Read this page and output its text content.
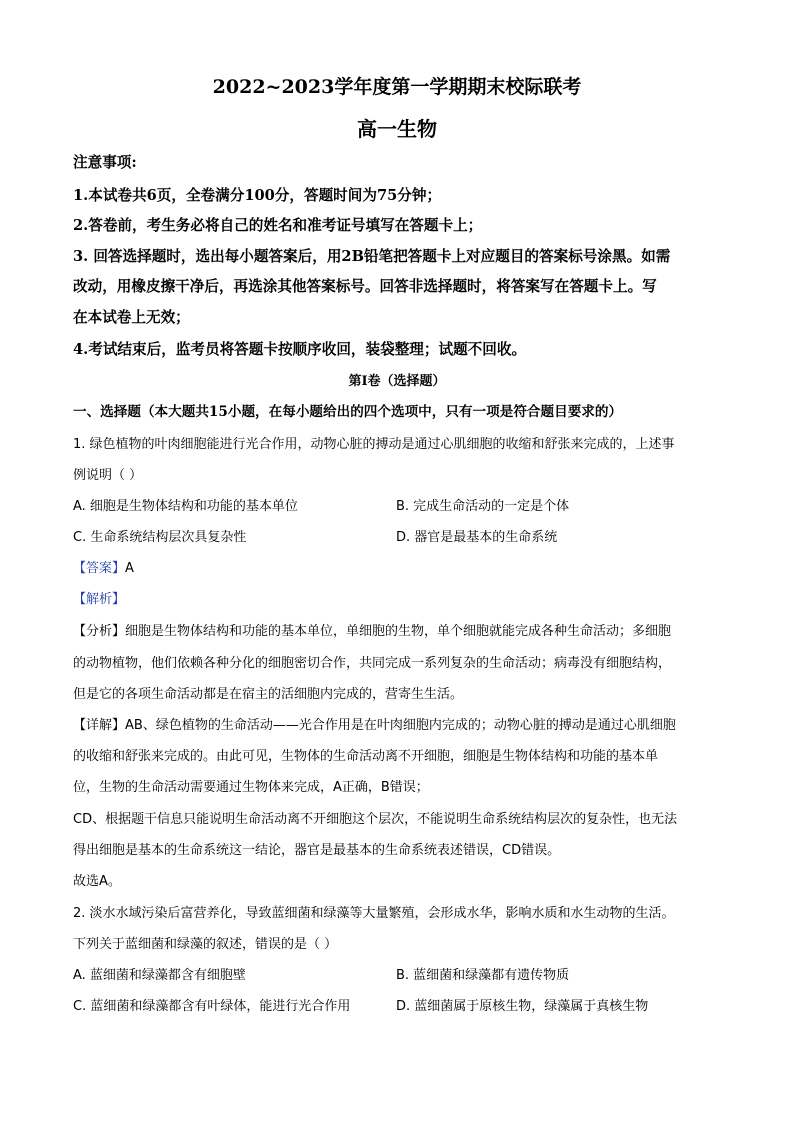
2022~2023学年度第一学期期末校际联考
高一生物
注意事项:
1.本试卷共6页，全卷满分100分，答题时间为75分钟；
2.答卷前，考生务必将自己的姓名和准考证号填写在答题卡上；
3. 回答选择题时，选出每小题答案后，用2B铅笔把答题卡上对应题目的答案标号涂黑。如需
改动，用橡皮擦干净后，再选涂其他答案标号。回答非选择题时，将答案写在答题卡上。写
在本试卷上无效；
4.考试结束后，监考员将答题卡按顺序收回，装袋整理；试题不回收。
第I卷（选择题）
一、选择题（本大题共15小题，在每小题给出的四个选项中，只有一项是符合题目要求的）
1. 绿色植物的叶肉细胞能进行光合作用，动物心脏的搏动是通过心肌细胞的收缩和舒张来完成的，上述事
例说明（ ）
A. 细胞是生物体结构和功能的基本单位	B. 完成生命活动的一定是个体
C. 生命系统结构层次具复杂性	D. 器官是最基本的生命系统
【答案】A
【解析】
【分析】细胞是生物体结构和功能的基本单位，单细胞的生物，单个细胞就能完成各种生命活动；多细胞
的动物植物，他们依赖各种分化的细胞密切合作，共同完成一系列复杂的生命活动；病毒没有细胞结构，
但是它的各项生命活动都是在宿主的活细胞内完成的，营寄生生活。
【详解】AB、绿色植物的生命活动——光合作用是在叶肉细胞内完成的；动物心脏的搏动是通过心肌细胞
的收缩和舒张来完成的。由此可见，生物体的生命活动离不开细胞，细胞是生物体结构和功能的基本单
位，生物的生命活动需要通过生物体来完成，A正确，B错误；
CD、根据题干信息只能说明生命活动离不开细胞这个层次，不能说明生命系统结构层次的复杂性，也无法
得出细胞是基本的生命系统这一结论，器官是最基本的生命系统表述错误，CD错误。
故选A。
2. 淡水水域污染后富营养化，导致蓝细菌和绿藻等大量繁殖，会形成水华，影响水质和水生动物的生活。
下列关于蓝细菌和绿藻的叙述，错误的是（ ）
A. 蓝细菌和绿藻都含有细胞壁	B. 蓝细菌和绿藻都有遗传物质
C. 蓝细菌和绿藻都含有叶绿体，能进行光合作用	D. 蓝细菌属于原核生物，绿藻属于真核生物
